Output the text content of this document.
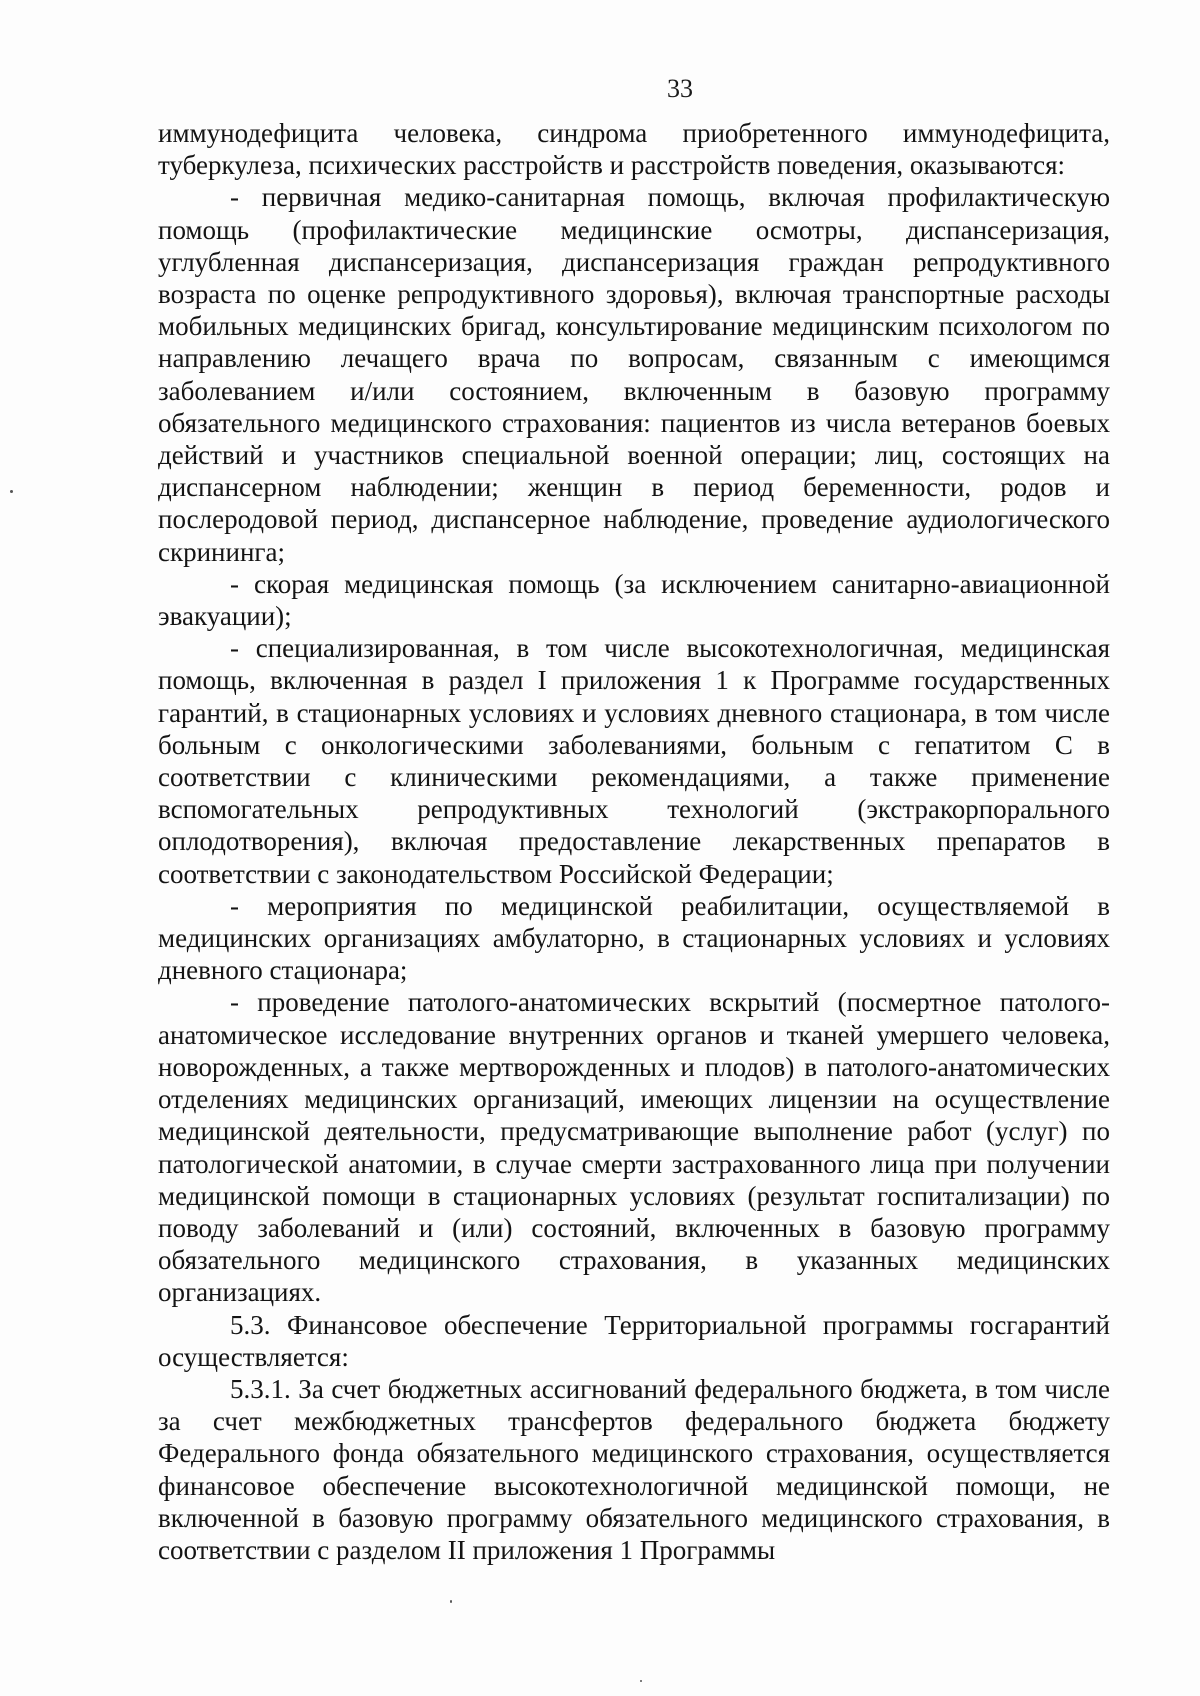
33

иммунодефицита человека, синдрома приобретенного иммунодефицита, туберкулеза, психических расстройств и расстройств поведения, оказываются:

- первичная медико-санитарная помощь, включая профилактическую помощь (профилактические медицинские осмотры, диспансеризация, углубленная диспансеризация, диспансеризация граждан репродуктивного возраста по оценке репродуктивного здоровья), включая транспортные расходы мобильных медицинских бригад, консультирование медицинским психологом по направлению лечащего врача по вопросам, связанным с имеющимся заболеванием и/или состоянием, включенным в базовую программу обязательного медицинского страхования: пациентов из числа ветеранов боевых действий и участников специальной военной операции; лиц, состоящих на диспансерном наблюдении; женщин в период беременности, родов и послеродовой период, диспансерное наблюдение, проведение аудиологического скрининга;

- скорая медицинская помощь (за исключением санитарно-авиационной эвакуации);

- специализированная, в том числе высокотехнологичная, медицинская помощь, включенная в раздел I приложения 1 к Программе государственных гарантий, в стационарных условиях и условиях дневного стационара, в том числе больным с онкологическими заболеваниями, больным с гепатитом С в соответствии с клиническими рекомендациями, а также применение вспомогательных репродуктивных технологий (экстракорпорального оплодотворения), включая предоставление лекарственных препаратов в соответствии с законодательством Российской Федерации;

- мероприятия по медицинской реабилитации, осуществляемой в медицинских организациях амбулаторно, в стационарных условиях и условиях дневного стационара;

- проведение патолого-анатомических вскрытий (посмертное патолого-анатомическое исследование внутренних органов и тканей умершего человека, новорожденных, а также мертворожденных и плодов) в патолого-анатомических отделениях медицинских организаций, имеющих лицензии на осуществление медицинской деятельности, предусматривающие выполнение работ (услуг) по патологической анатомии, в случае смерти застрахованного лица при получении медицинской помощи в стационарных условиях (результат госпитализации) по поводу заболеваний и (или) состояний, включенных в базовую программу обязательного медицинского страхования, в указанных медицинских организациях.

5.3. Финансовое обеспечение Территориальной программы госгарантий осуществляется:

5.3.1. За счет бюджетных ассигнований федерального бюджета, в том числе за счет межбюджетных трансфертов федерального бюджета бюджету Федерального фонда обязательного медицинского страхования, осуществляется финансовое обеспечение высокотехнологичной медицинской помощи, не включенной в базовую программу обязательного медицинского страхования, в соответствии с разделом II приложения 1 Программы
